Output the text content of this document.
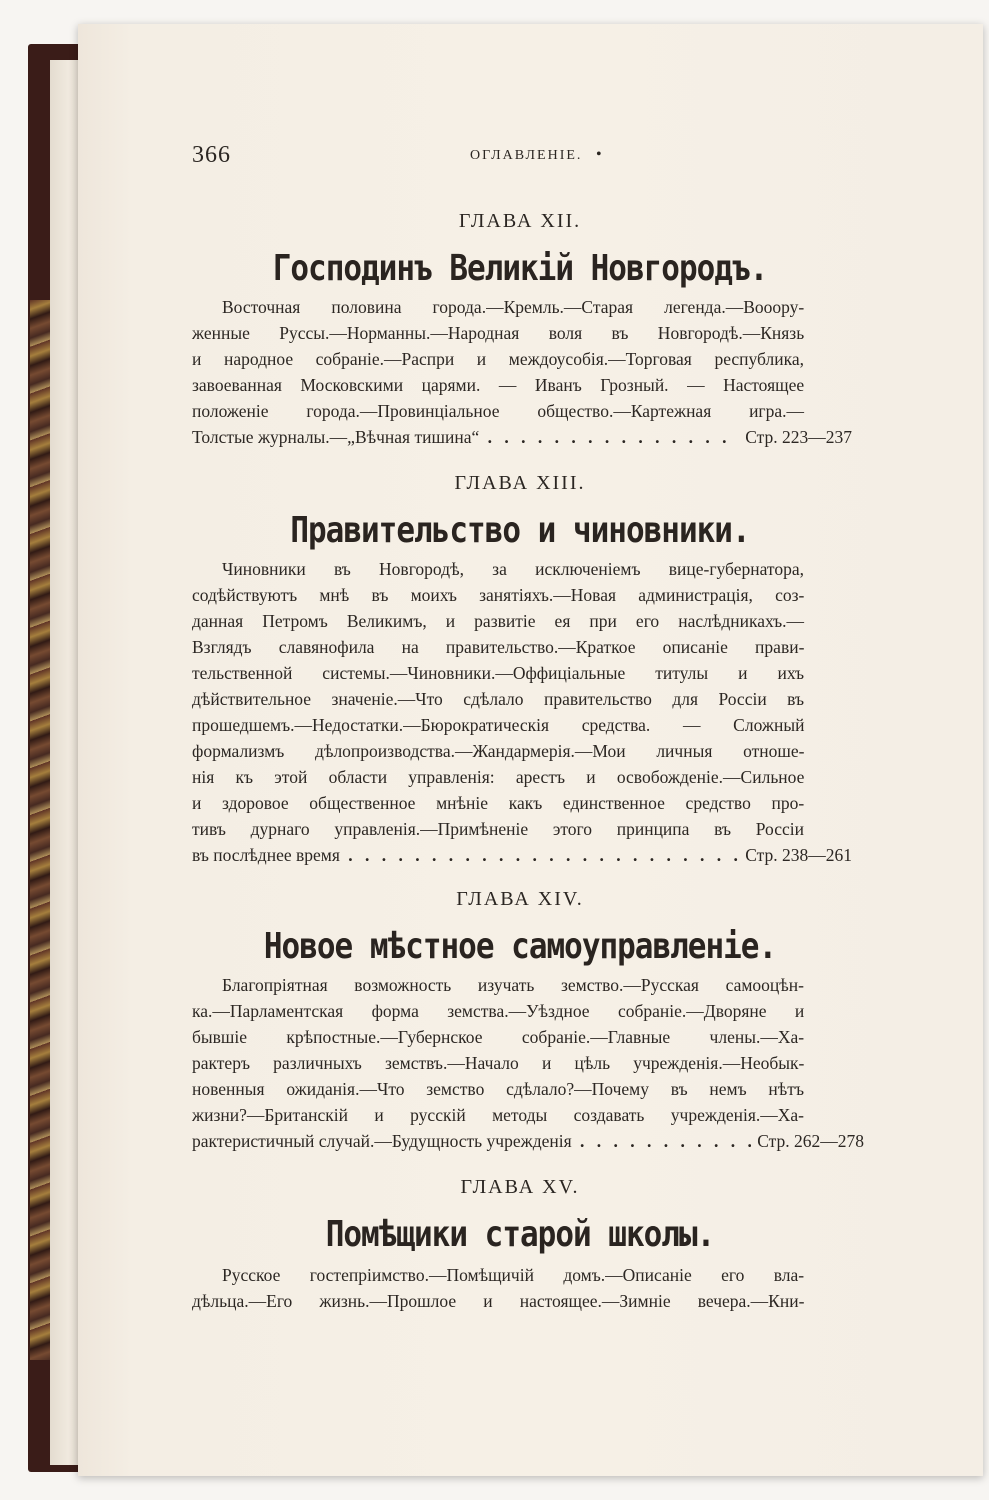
366	ОГЛАВЛЕНІЕ. •
ГЛАВА XII.
Господинъ Великій Новгородъ.
Восточная половина города.—Кремль.—Старая легенда.—Вооору-
женные Руссы.—Норманны.—Народная воля въ Новгородѣ.—Князь
и народное собраніе.—Распри и междоусобія.—Торговая республика,
завоеванная Московскими царями. — Иванъ Грозный. — Настоящее
положеніе города.—Провинціальное общество.—Картежная игра.—
Толстые журналы.—„Вѣчная тишина“ . . .	Стр. 223—237
ГЛАВА XIII.
Правительство и чиновники.
Чиновники въ Новгородѣ, за исключеніемъ вице-губернатора,
содѣйствуютъ мнѣ въ моихъ занятіяхъ.—Новая администрація, соз-
данная Петромъ Великимъ, и развитіе ея при его наслѣдникахъ.—
Взглядъ славянофила на правительство.—Краткое описаніе прави-
тельственной системы.—Чиновники.—Оффиціальные титулы и ихъ
дѣйствительное значеніе.—Что сдѣлало правительство для Россіи въ
прошедшемъ.—Недостатки.—Бюрократическія средства. — Сложный
формализмъ дѣлопроизводства.—Жандармерія.—Мои личныя отноше-
нія къ этой области управленія: арестъ и освобожденіе.—Сильное
и здоровое общественное мнѣніе какъ единственное средство про-
тивъ дурнаго управленія.—Примѣненіе этого принципа въ Россіи
въ послѣднее время . . .	Стр. 238—261
ГЛАВА XIV.
Новое мѣстное самоуправленіе.
Благопріятная возможность изучать земство.—Русская самооцѣн-
ка.—Парламентская форма земства.—Уѣздное собраніе.—Дворяне и
бывшіе крѣпостные.—Губернское собраніе.—Главные члены.—Ха-
рактеръ различныхъ земствъ.—Начало и цѣль учрежденія.—Необык-
новенныя ожиданія.—Что земство сдѣлало?—Почему въ немъ нѣтъ
жизни?—Британскій и русскій методы создавать учрежденія.—Ха-
рактеристичный случай.—Будущность учрежденія . . .	Стр. 262—278
ГЛАВА XV.
Помѣщики старой школы.
Русское гостепріимство.—Помѣщичій домъ.—Описаніе его вла-
дѣльца.—Его жизнь.—Прошлое и настоящее.—Зимніе вечера.—Кни-
